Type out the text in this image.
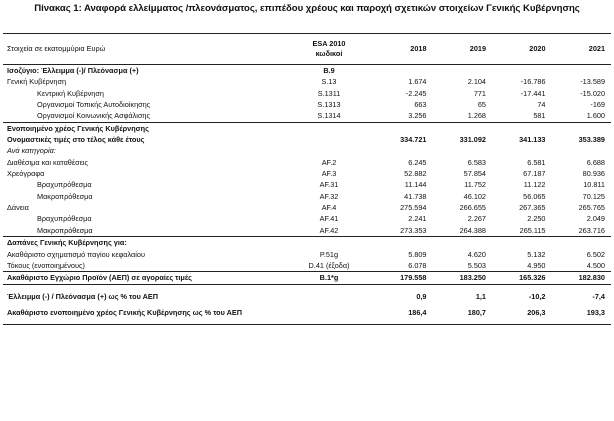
Πίνακας 1: Αναφορά ελλείμματος /πλεονάσματος, επιπέδου χρέους και παροχή σχετικών στοιχείων Γενικής Κυβέρνησης
Στοιχεία σε εκατομμύρια Ευρώ	ESA 2010
κωδικοί	2018	2019	2020	2021
Ισοζύγιο: Έλλειμμα (-)/ Πλεόνασμα (+)	B.9				
Γενική Κυβέρνηση	S.13	1.674	2.104	-16.786	-13.589
Κεντρική Κυβέρνηση	S.1311	-2.245	771	-17.441	-15.020
Οργανισμοί Τοπικής Αυτοδιοίκησης	S.1313	663	65	74	-169
Οργανισμοί Κοινωνικής Ασφάλισης	S.1314	3.256	1.268	581	1.600
Ενοποιημένο χρέος Γενικής Κυβέρνησης					
Ονομαστικές τιμές στο τέλος κάθε έτους		334.721	331.092	341.133	353.389
Ανά κατηγορία:					
Διαθέσιμα και καταθέσεις	AF.2	6.245	6.583	6.581	6.688
Χρεόγραφα	AF.3	52.882	57.854	67.187	80.936
Βραχυπρόθεσμα	AF.31	11.144	11.752	11.122	10.811
Μακροπρόθεσμα	AF.32	41.738	46.102	56.065	70.125
Δάνεια	AF.4	275.594	266.655	267.365	265.765
Βραχυπρόθεσμα	AF.41	2.241	2.267	2.250	2.049
Μακροπρόθεσμα	AF.42	273.353	264.388	265.115	263.716
Δαπάνες Γενικής Κυβέρνησης για:					
Ακαθάριστο σχηματισμό παγίου κεφαλαίου	P.51g	5.809	4.620	5.132	6.502
Τόκους (ενοποιημένους)	D.41 (έξοδα)	6.078	5.503	4.950	4.500
Ακαθάριστο Εγχώριο Προϊόν (ΑΕΠ) σε αγοραίες τιμές	B.1*g	179.558	183.250	165.326	182.830

Έλλειμμα (-) / Πλεόνασμα (+) ως % του ΑΕΠ		0,9	1,1	-10,2	-7,4
Ακαθάριστο ενοποιημένο χρέος Γενικής Κυβέρνησης ως % του ΑΕΠ		186,4	180,7	206,3	193,3
